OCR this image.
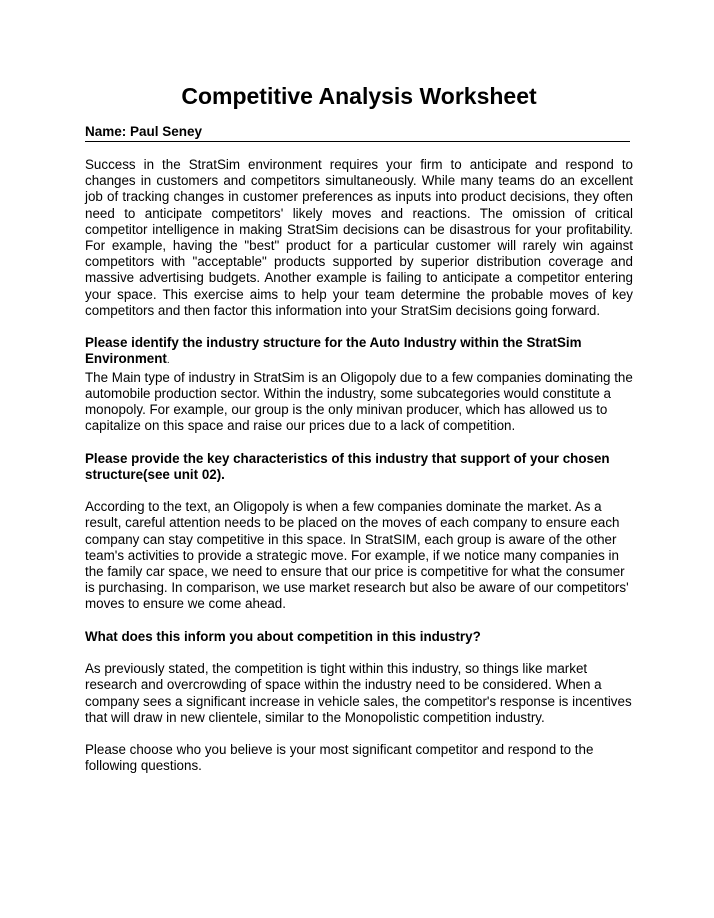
Competitive Analysis Worksheet
Name: Paul Seney

Success in the StratSim environment requires your firm to anticipate and respond to changes in customers and competitors simultaneously. While many teams do an excellent job of tracking changes in customer preferences as inputs into product decisions, they often need to anticipate competitors' likely moves and reactions. The omission of critical competitor intelligence in making StratSim decisions can be disastrous for your profitability. For example, having the "best" product for a particular customer will rarely win against competitors with "acceptable" products supported by superior distribution coverage and massive advertising budgets. Another example is failing to anticipate a competitor entering your space. This exercise aims to help your team determine the probable moves of key competitors and then factor this information into your StratSim decisions going forward.

Please identify the industry structure for the Auto Industry within the StratSim Environment.

The Main type of industry in StratSim is an Oligopoly due to a few companies dominating the automobile production sector. Within the industry, some subcategories would constitute a monopoly. For example, our group is the only minivan producer, which has allowed us to capitalize on this space and raise our prices due to a lack of competition.

Please provide the key characteristics of this industry that support of your chosen structure(see unit 02).

According to the text, an Oligopoly is when a few companies dominate the market. As a result, careful attention needs to be placed on the moves of each company to ensure each company can stay competitive in this space. In StratSIM, each group is aware of the other team's activities to provide a strategic move. For example, if we notice many companies in the family car space, we need to ensure that our price is competitive for what the consumer is purchasing. In comparison, we use market research but also be aware of our competitors' moves to ensure we come ahead.

What does this inform you about competition in this industry?

As previously stated, the competition is tight within this industry, so things like market research and overcrowding of space within the industry need to be considered. When a company sees a significant increase in vehicle sales, the competitor's response is incentives that will draw in new clientele, similar to the Monopolistic competition industry.

Please choose who you believe is your most significant competitor and respond to the following questions.
